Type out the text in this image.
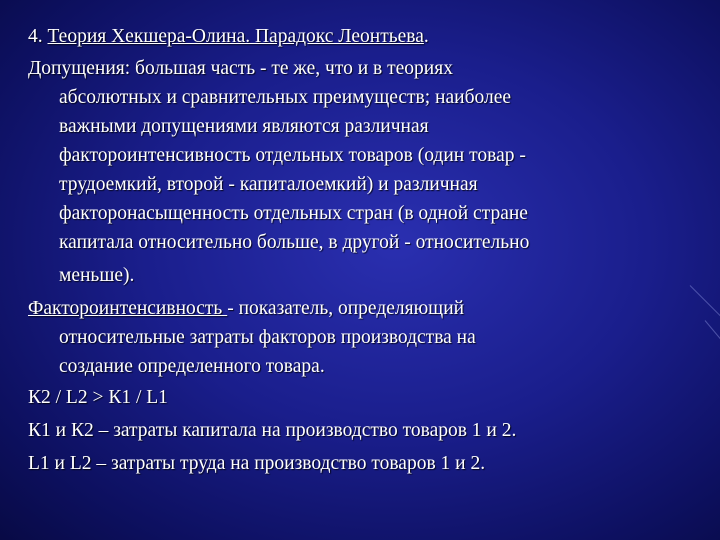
4. Теория Хекшера-Олина. Парадокс Леонтьева.
Допущения: большая часть - те же, что и в теориях
абсолютных и сравнительных преимуществ; наиболее
важными допущениями являются различная
фактороинтенсивность отдельных товаров (один товар -
трудоемкий, второй - капиталоемкий) и различная
факторонасыщенность отдельных стран (в одной стране
капитала относительно больше, в другой - относительно
меньше).
Фактороинтенсивность - показатель, определяющий
относительные затраты факторов производства на
создание определенного товара.
К2 / L2 > К1 / L1
К1 и К2 – затраты капитала на производство товаров 1 и 2.
L1 и L2 – затраты труда на производство товаров 1 и 2.
